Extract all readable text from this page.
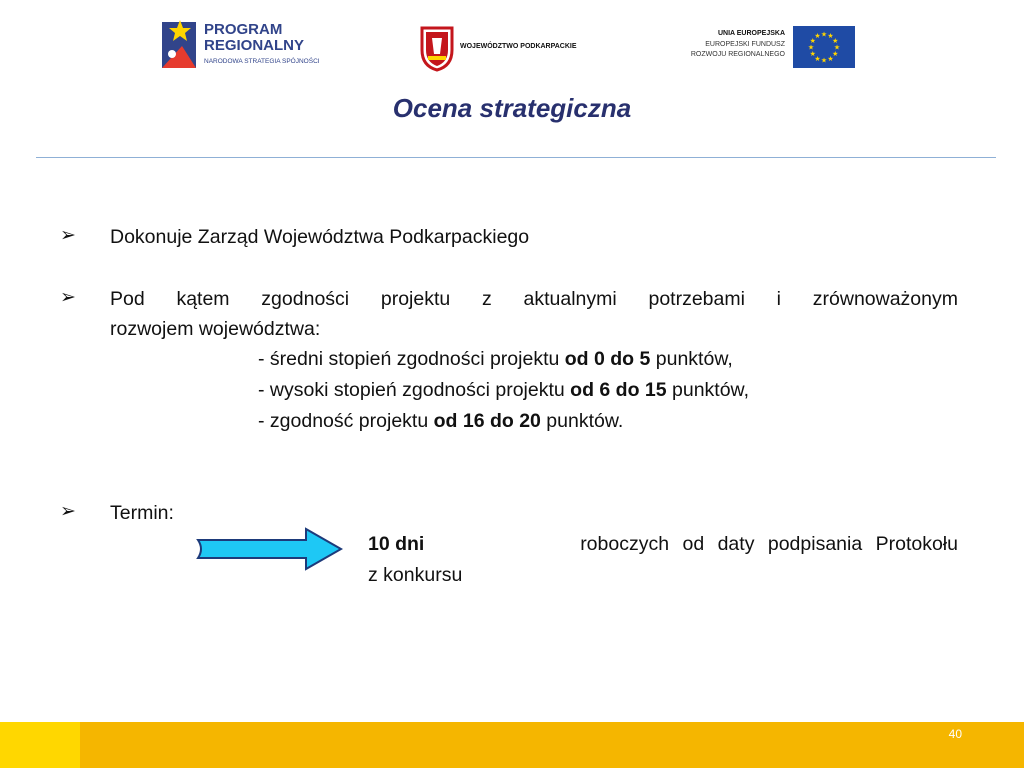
PROGRAM
REGIONALNY
NARODOWA STRATEGIA SPÓJNOŚCI
WOJEWÓDZTWO PODKARPACKIE
UNIA EUROPEJSKA
EUROPEJSKI FUNDUSZ
ROZWOJU REGIONALNEGO
★ ★
★
★
★
★
★
★
★
★
★
★
Ocena strategiczna
➢ Dokonuje Zarząd Województwa Podkarpackiego
➢ Pod kątem zgodności projektu z aktualnymi potrzebami i zrównoważonym
rozwojem województwa:
- średni stopień zgodności projektu od 0 do 5 punktów,
- wysoki stopień zgodności projektu od 6 do 15 punktów,
- zgodność projektu od 16 do 20 punktów.
➢ Termin:
10 dni	roboczych od daty podpisania Protokołu
z konkursu
40
